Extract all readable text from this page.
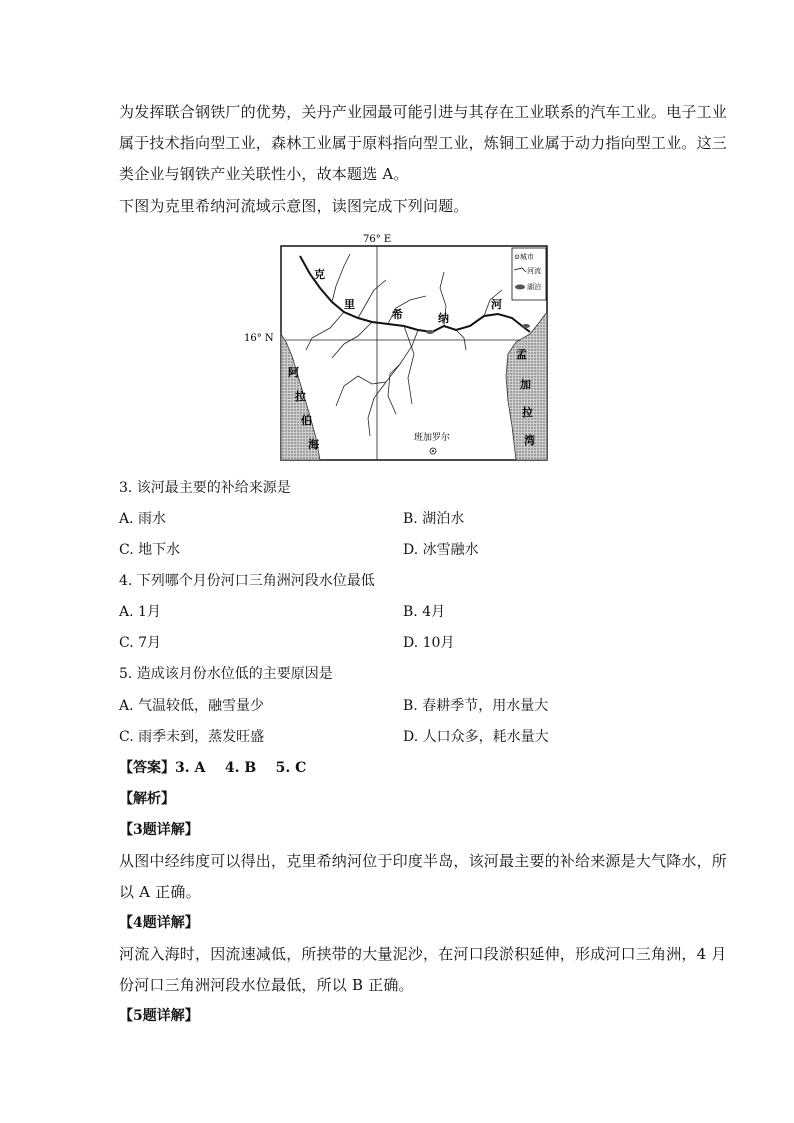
为发挥联合钢铁厂的优势，关丹产业园最可能引进与其存在工业联系的汽车工业。电子工业
属于技术指向型工业，森林工业属于原料指向型工业，炼铜工业属于动力指向型工业。这三
类企业与钢铁产业关联性小，故本题选 A。
下图为克里希纳河流域示意图，读图完成下列问题。
76° E
16° N
克
里
希	纳
河
阿
拉
伯
海
孟
加
拉
湾
班加罗尔
⊙城市
河流
湖泊
3. 该河最主要的补给来源是
A. 雨水	B. 湖泊水
C. 地下水	D. 冰雪融水
4. 下列哪个月份河口三角洲河段水位最低
A. 1月	B. 4月
C. 7月	D. 10月
5. 造成该月份水位低的主要原因是
A. 气温较低，融雪量少	B. 春耕季节，用水量大
C. 雨季未到，蒸发旺盛	D. 人口众多，耗水量大
【答案】3. A    4. B    5. C
【解析】
【3题详解】
从图中经纬度可以得出，克里希纳河位于印度半岛，该河最主要的补给来源是大气降水，所
以 A 正确。
【4题详解】
河流入海时，因流速减低，所挟带的大量泥沙，在河口段淤积延伸，形成河口三角洲，4 月
份河口三角洲河段水位最低，所以 B 正确。
【5题详解】
